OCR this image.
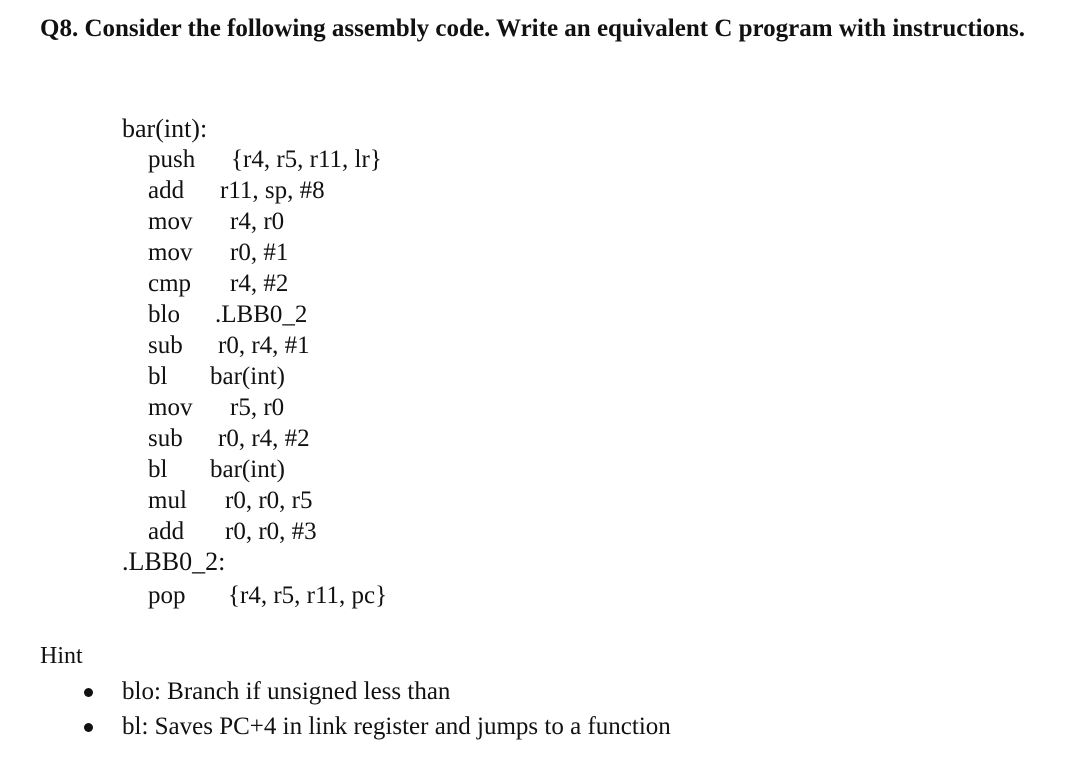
Q8. Consider the following assembly code. Write an equivalent C program with instructions.
bar(int):
push {r4, r5, r11, lr}
add r11, sp, #8
mov r4, r0
mov r0, #1
cmp r4, #2
blo .LBB0_2
sub r0, r4, #1
bl bar(int)
mov r5, r0
sub r0, r4, #2
bl bar(int)
mul r0, r0, r5
add r0, r0, #3
.LBB0_2:
pop {r4, r5, r11, pc}
Hint
blo: Branch if unsigned less than
bl: Saves PC+4 in link register and jumps to a function
